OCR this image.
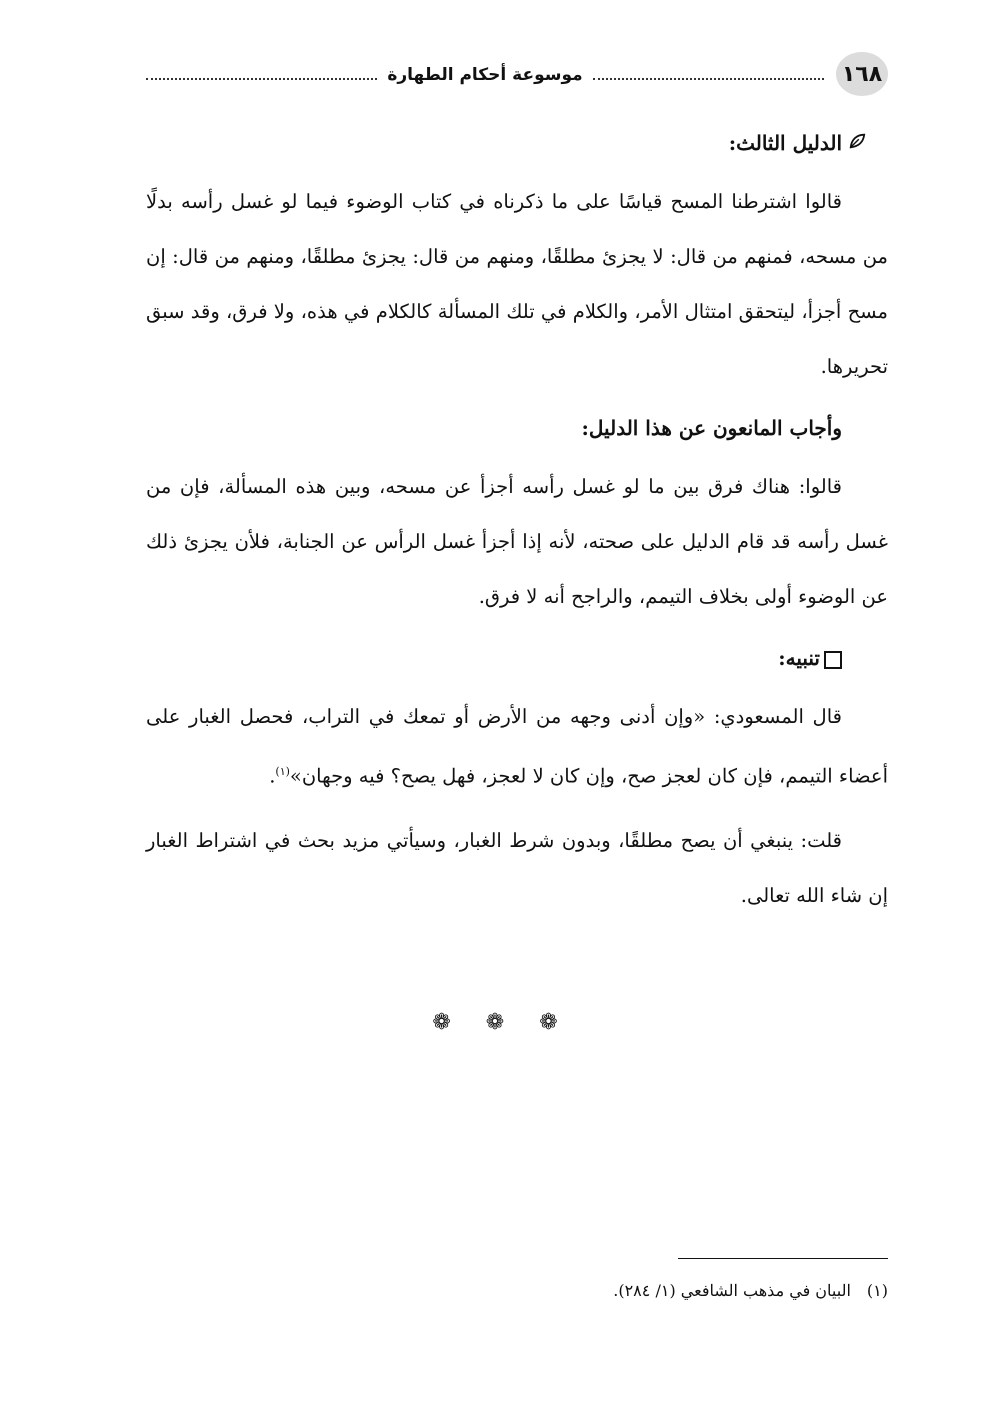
١٦٨
موسوعة أحكام الطهارة
الدليل الثالث:

قالوا اشترطنا المسح قياسًا على ما ذكرناه في كتاب الوضوء فيما لو غسل رأسه بدلًا من مسحه، فمنهم من قال: لا يجزئ مطلقًا، ومنهم من قال: يجزئ مطلقًا، ومنهم من قال: إن مسح أجزأ، ليتحقق امتثال الأمر، والكلام في تلك المسألة كالكلام في هذه، ولا فرق، وقد سبق تحريرها.

وأجاب المانعون عن هذا الدليل:

قالوا: هناك فرق بين ما لو غسل رأسه أجزأ عن مسحه، وبين هذه المسألة، فإن من غسل رأسه قد قام الدليل على صحته، لأنه إذا أجزأ غسل الرأس عن الجنابة، فلأن يجزئ ذلك عن الوضوء أولى بخلاف التيمم، والراجح أنه لا فرق.

تنبيه:

قال المسعودي: «وإن أدنى وجهه من الأرض أو تمعك في التراب، فحصل الغبار على أعضاء التيمم، فإن كان لعجز صح، وإن كان لا لعجز، فهل يصح؟ فيه وجهان»$^{(١)}$.

قلت: ينبغي أن يصح مطلقًا، وبدون شرط الغبار، وسيأتي مزيد بحث في اشتراط الغبار إن شاء الله تعالى.

❁ ❁ ❁
(١)البيان في مذهب الشافعي (١/ ٢٨٤).
